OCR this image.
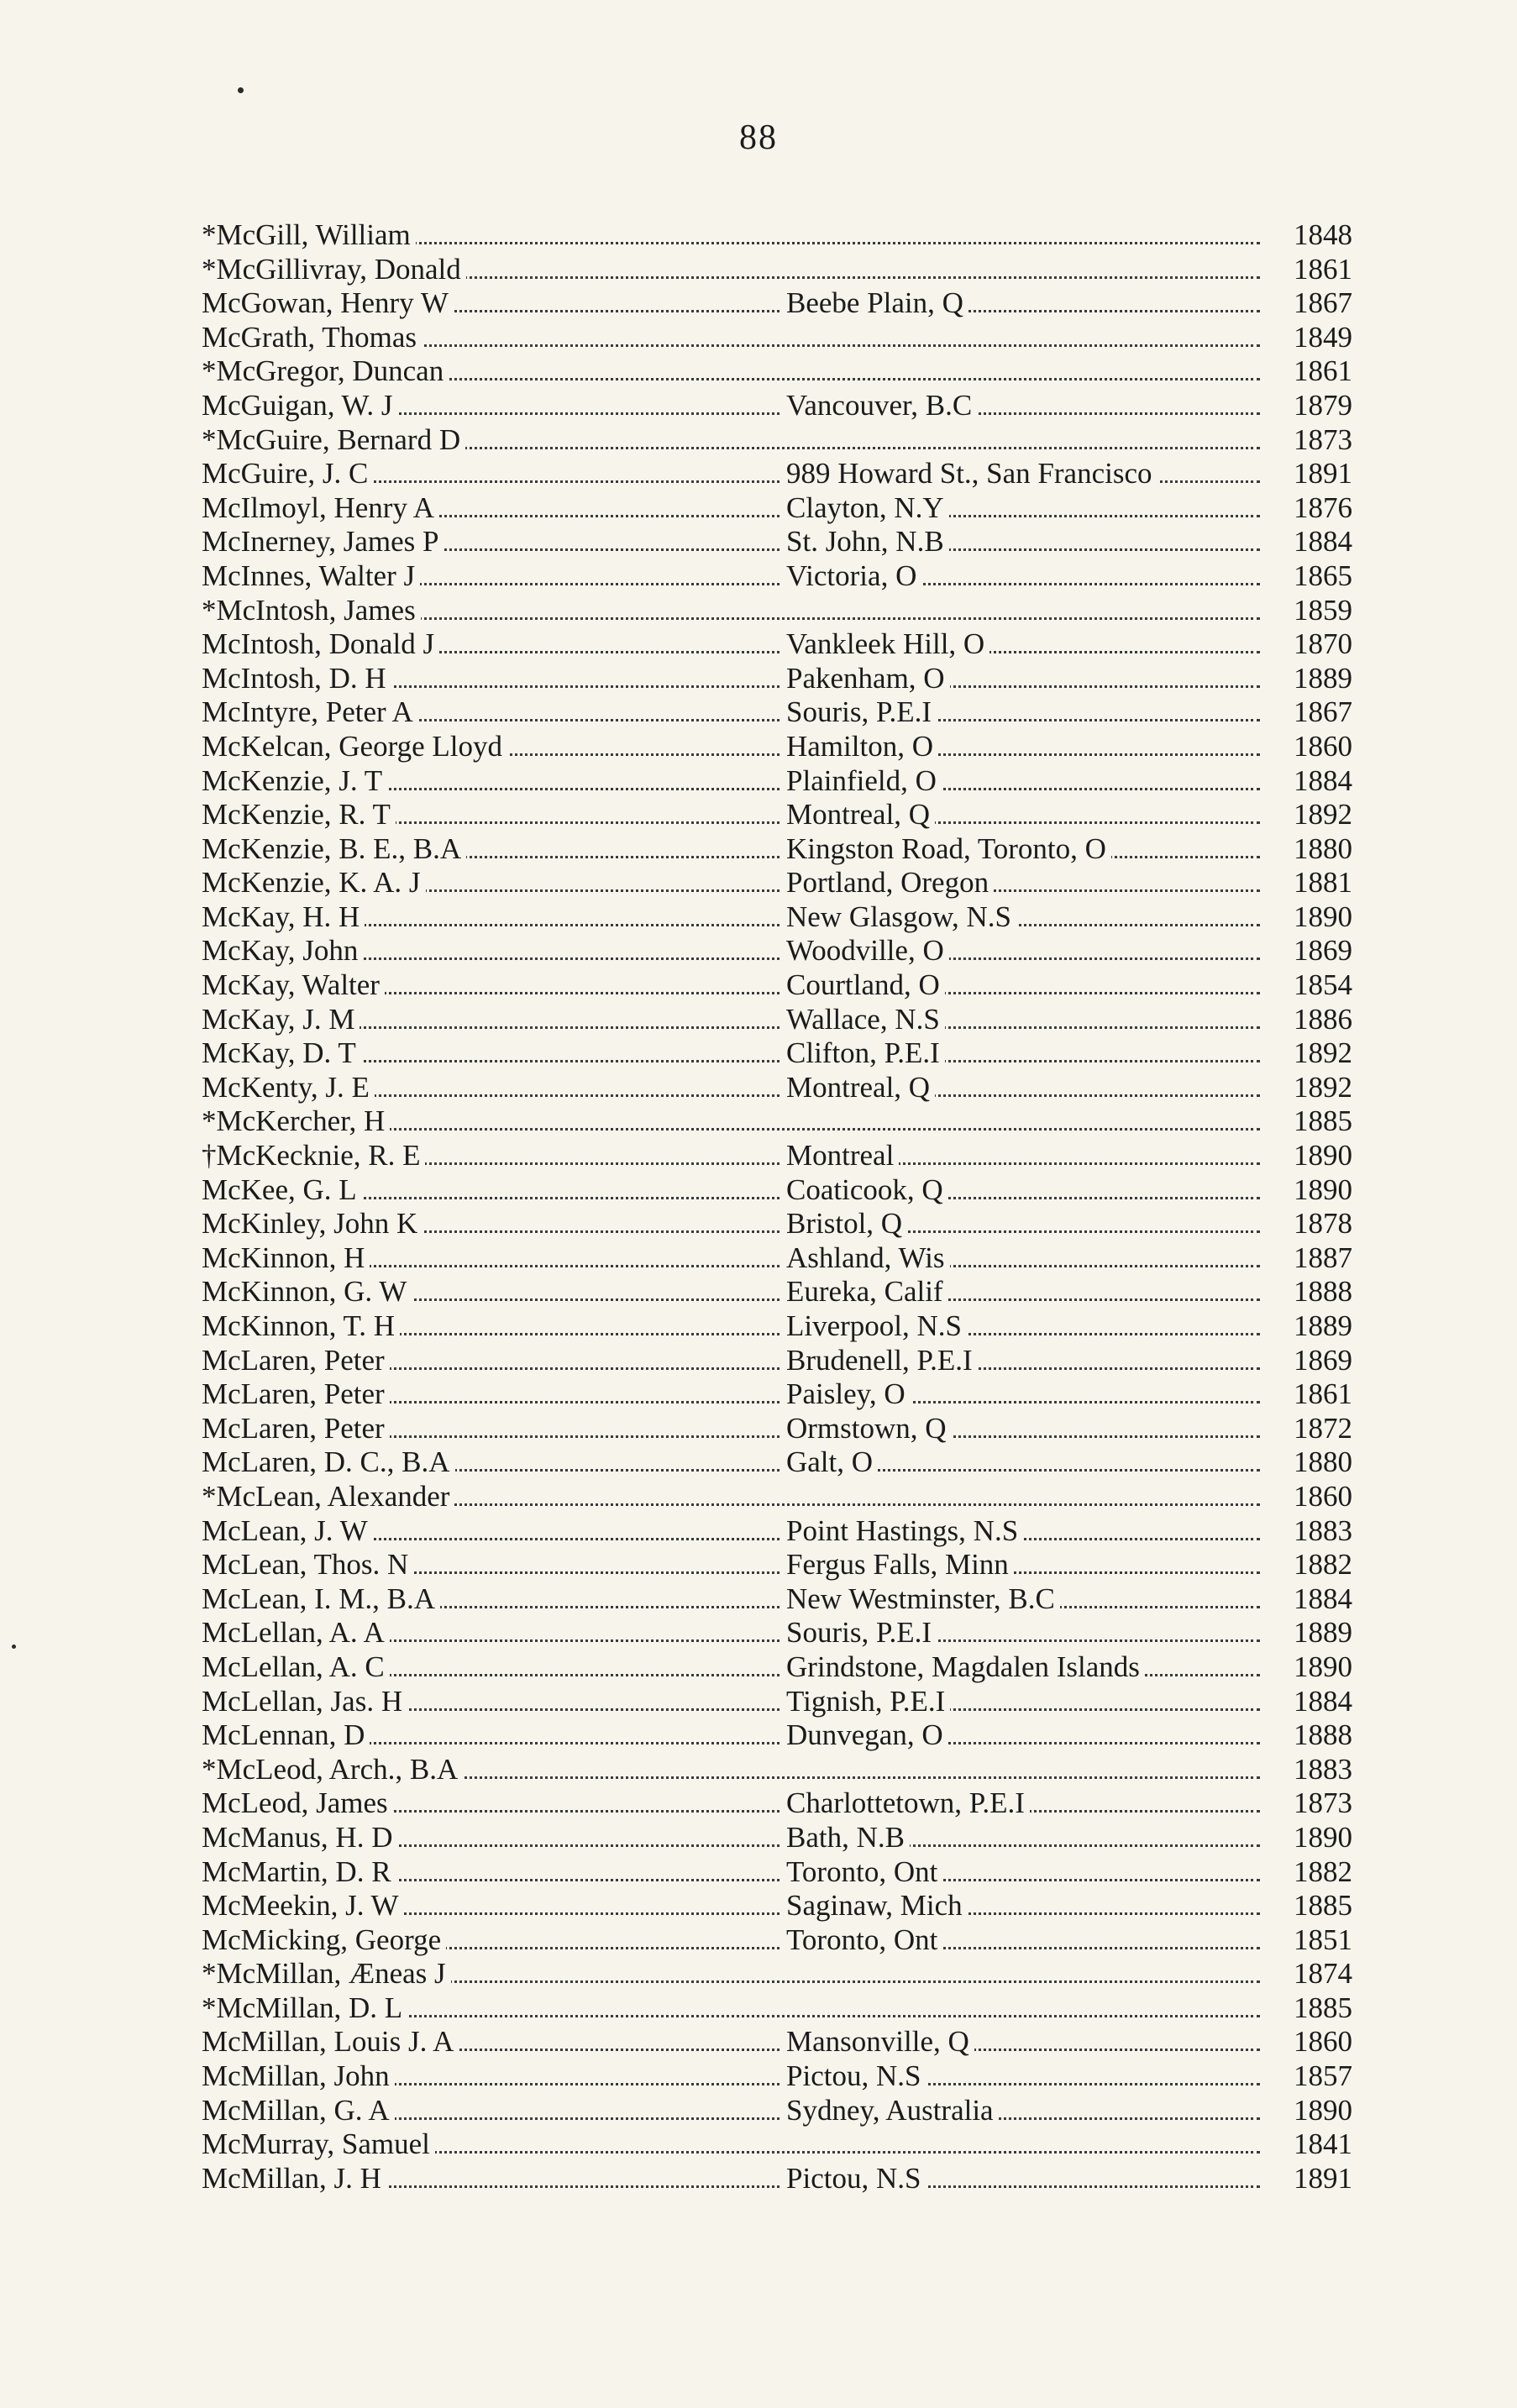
88
*McGill, William	1848
*McGillivray, Donald	1861
McGowan, Henry W	Beebe Plain, Q	1867
McGrath, Thomas	1849
*McGregor, Duncan	1861
McGuigan, W. J	Vancouver, B.C	1879
*McGuire, Bernard D	1873
McGuire, J. C	989 Howard St., San Francisco	1891
McIlmoyl, Henry A	Clayton, N.Y	1876
McInerney, James P	St. John, N.B	1884
McInnes, Walter J	Victoria, O	1865
*McIntosh, James	1859
McIntosh, Donald J	Vankleek Hill, O	1870
McIntosh, D. H	Pakenham, O	1889
McIntyre, Peter A	Souris, P.E.I	1867
McKelcan, George Lloyd	Hamilton, O	1860
McKenzie, J. T	Plainfield, O	1884
McKenzie, R. T	Montreal, Q	1892
McKenzie, B. E., B.A	Kingston Road, Toronto, O	1880
McKenzie, K. A. J	Portland, Oregon	1881
McKay, H. H	New Glasgow, N.S	1890
McKay, John	Woodville, O	1869
McKay, Walter	Courtland, O	1854
McKay, J. M	Wallace, N.S	1886
McKay, D. T	Clifton, P.E.I	1892
McKenty, J. E	Montreal, Q	1892
*McKercher, H	1885
†McKecknie, R. E	Montreal	1890
McKee, G. L	Coaticook, Q	1890
McKinley, John K	Bristol, Q	1878
McKinnon, H	Ashland, Wis	1887
McKinnon, G. W	Eureka, Calif	1888
McKinnon, T. H	Liverpool, N.S	1889
McLaren, Peter	Brudenell, P.E.I	1869
McLaren, Peter	Paisley, O	1861
McLaren, Peter	Ormstown, Q	1872
McLaren, D. C., B.A	Galt, O	1880
*McLean, Alexander	1860
McLean, J. W	Point Hastings, N.S	1883
McLean, Thos. N	Fergus Falls, Minn	1882
McLean, I. M., B.A	New Westminster, B.C	1884
McLellan, A. A	Souris, P.E.I	1889
McLellan, A. C	Grindstone, Magdalen Islands	1890
McLellan, Jas. H	Tignish, P.E.I	1884
McLennan, D	Dunvegan, O	1888
*McLeod, Arch., B.A	1883
McLeod, James	Charlottetown, P.E.I	1873
McManus, H. D	Bath, N.B	1890
McMartin, D. R	Toronto, Ont	1882
McMeekin, J. W	Saginaw, Mich	1885
McMicking, George	Toronto, Ont	1851
*McMillan, Æneas J	1874
*McMillan, D. L	1885
McMillan, Louis J. A	Mansonville, Q	1860
McMillan, John	Pictou, N.S	1857
McMillan, G. A	Sydney, Australia	1890
McMurray, Samuel	1841
McMillan, J. H	Pictou, N.S	1891
